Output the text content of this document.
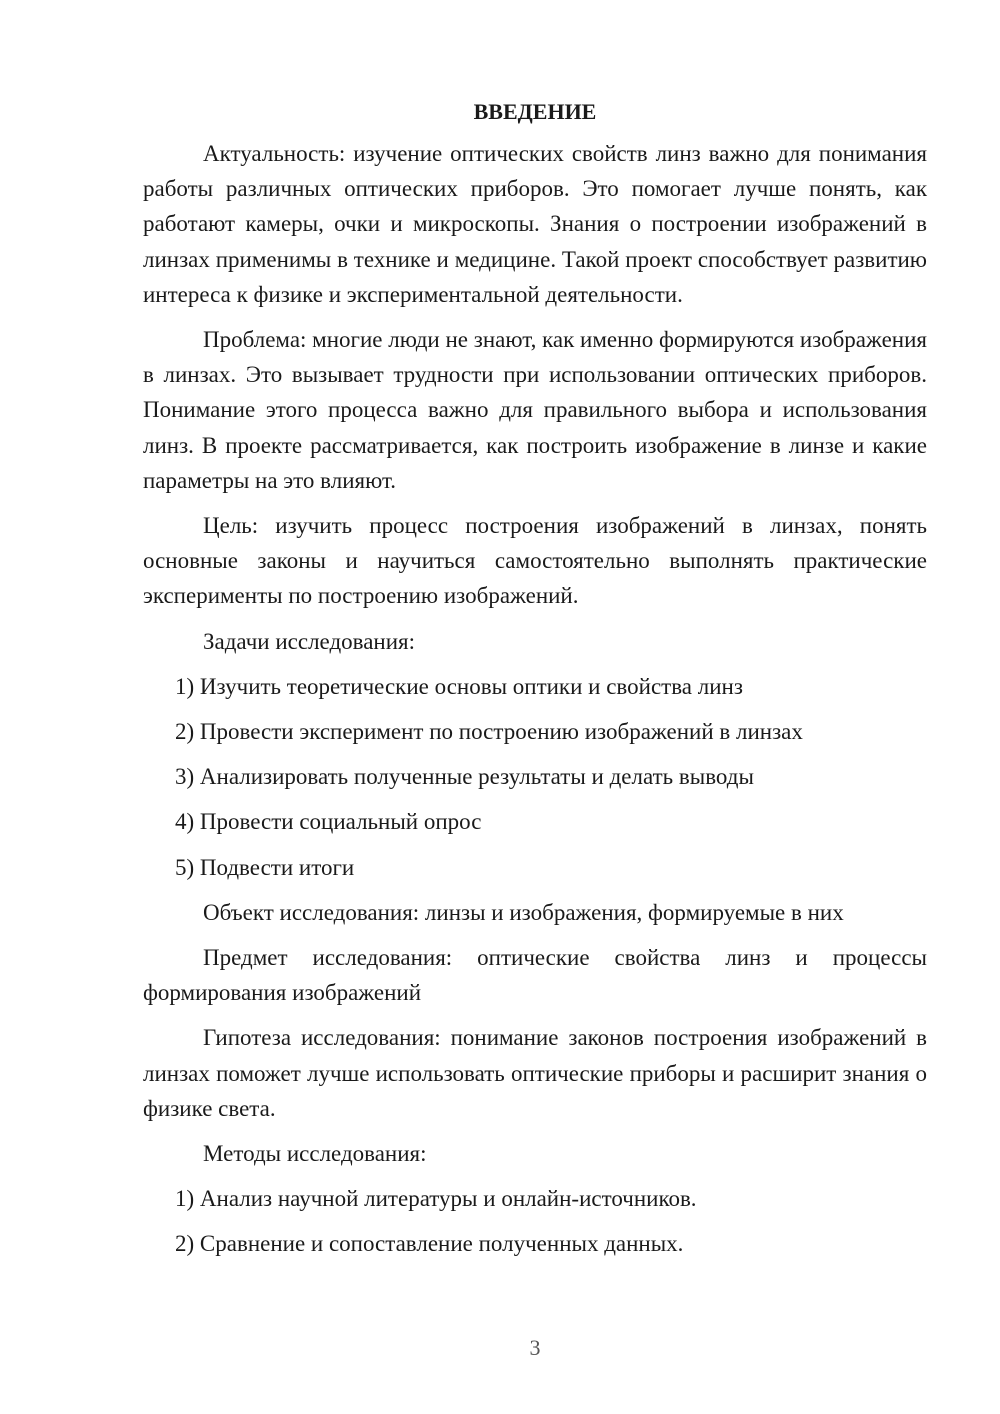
ВВЕДЕНИЕ

Актуальность: изучение оптических свойств линз важно для понимания работы различных оптических приборов. Это помогает лучше понять, как работают камеры, очки и микроскопы. Знания о построении изображений в линзах применимы в технике и медицине. Такой проект способствует развитию интереса к физике и экспериментальной деятельности.

Проблема: многие люди не знают, как именно формируются изображения в линзах. Это вызывает трудности при использовании оптических приборов. Понимание этого процесса важно для правильного выбора и использования линз. В проекте рассматривается, как построить изображение в линзе и какие параметры на это влияют.

Цель: изучить процесс построения изображений в линзах, понять основные законы и научиться самостоятельно выполнять практические эксперименты по построению изображений.

Задачи исследования:

1) Изучить теоретические основы оптики и свойства линз
2) Провести эксперимент по построению изображений в линзах
3) Анализировать полученные результаты и делать выводы
4) Провести социальный опрос
5) Подвести итоги

Объект исследования: линзы и изображения, формируемые в них

Предмет исследования: оптические свойства линз и процессы формирования изображений

Гипотеза исследования: понимание законов построения изображений в линзах поможет лучше использовать оптические приборы и расширит знания о физике света.

Методы исследования:

1) Анализ научной литературы и онлайн-источников.
2) Сравнение и сопоставление полученных данных.
3
